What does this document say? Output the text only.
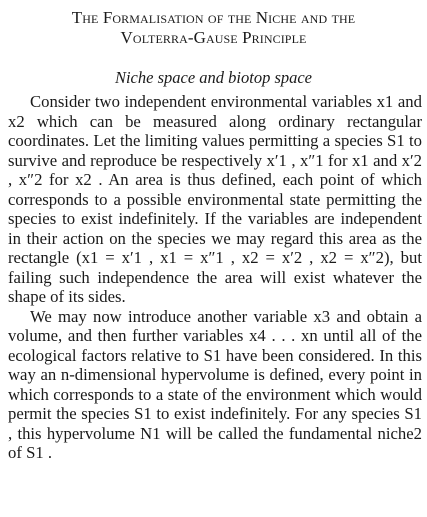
The Formalisation of the Niche and the
Volterra-Gause Principle
Niche space and biotop space

Consider two independent environmental variables x1 and x2 which can be measured along ordinary rectangular coordinates. Let the limiting values permitting a species S1 to survive and reproduce be respectively x′1 , x″1 for x1 and x′2 , x″2 for x2 . An area is thus defined, each point of which corresponds to a possible environmental state permitting the species to exist indefinitely. If the variables are independent in their action on the species we may regard this area as the rectangle (x1 = x′1 , x1 = x″1 , x2 = x′2 , x2 = x″2), but failing such independence the area will exist whatever the shape of its sides.

We may now introduce another variable x3 and obtain a volume, and then further variables x4 . . . xn until all of the ecological factors relative to S1 have been considered. In this way an n-dimensional hypervolume is defined, every point in which corresponds to a state of the environment which would permit the species S1 to exist indefinitely. For any species S1 , this hypervolume N1 will be called the fundamental niche2 of S1 .
